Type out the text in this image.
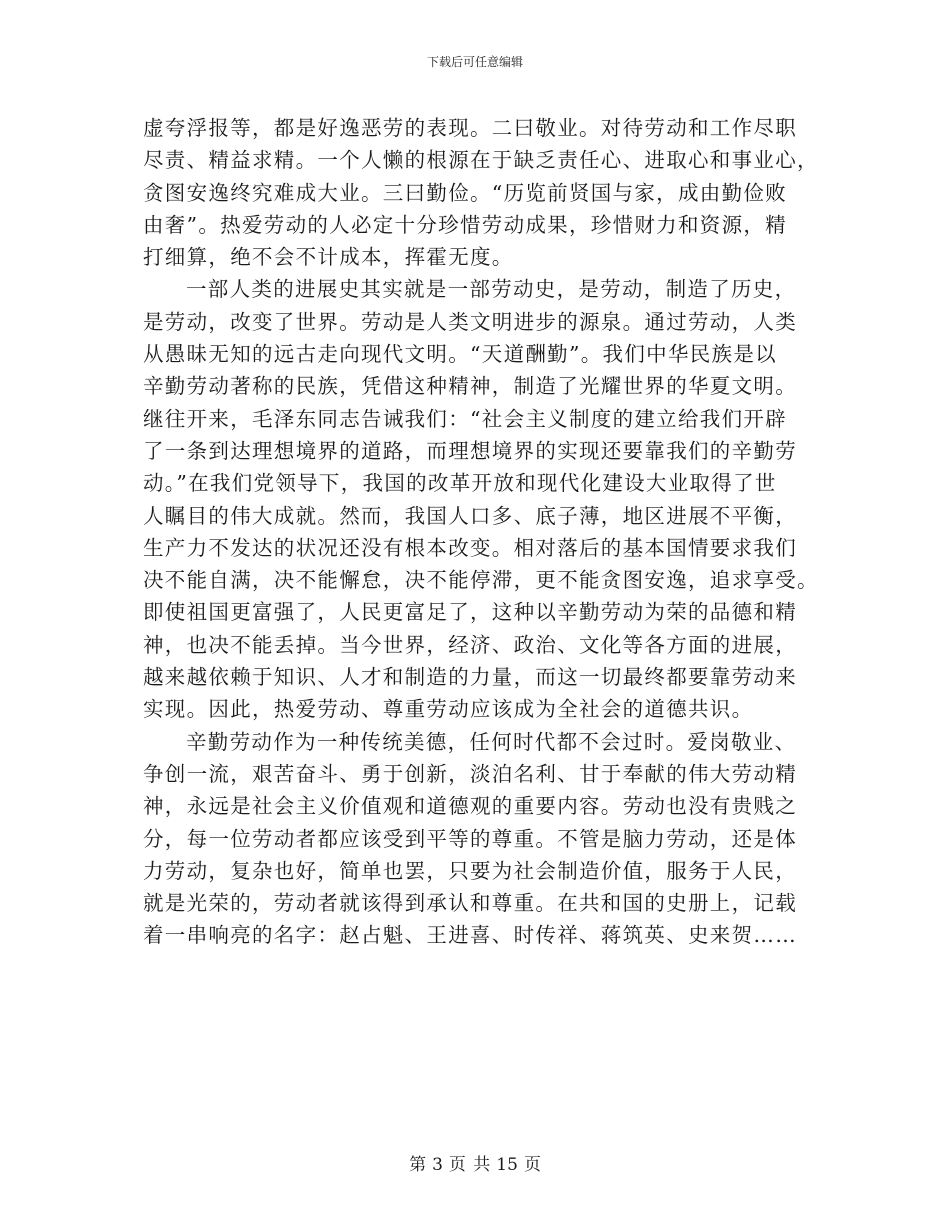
下载后可任意编辑

虚夸浮报等，都是好逸恶劳的表现。二曰敬业。对待劳动和工作尽职
尽责、精益求精。一个人懒的根源在于缺乏责任心、进取心和事业心，
贪图安逸终究难成大业。三曰勤俭。“历览前贤国与家，成由勤俭败
由奢”。热爱劳动的人必定十分珍惜劳动成果，珍惜财力和资源，精
打细算，绝不会不计成本，挥霍无度。

一部人类的进展史其实就是一部劳动史，是劳动，制造了历史，
是劳动，改变了世界。劳动是人类文明进步的源泉。通过劳动，人类
从愚昧无知的远古走向现代文明。“天道酬勤”。我们中华民族是以
辛勤劳动著称的民族，凭借这种精神，制造了光耀世界的华夏文明。
继往开来，毛泽东同志告诫我们：“社会主义制度的建立给我们开辟
了一条到达理想境界的道路，而理想境界的实现还要靠我们的辛勤劳
动。”在我们党领导下，我国的改革开放和现代化建设大业取得了世
人瞩目的伟大成就。然而，我国人口多、底子薄，地区进展不平衡，
生产力不发达的状况还没有根本改变。相对落后的基本国情要求我们
决不能自满，决不能懈怠，决不能停滞，更不能贪图安逸，追求享受。
即使祖国更富强了，人民更富足了，这种以辛勤劳动为荣的品德和精
神，也决不能丢掉。当今世界，经济、政治、文化等各方面的进展，
越来越依赖于知识、人才和制造的力量，而这一切最终都要靠劳动来
实现。因此，热爱劳动、尊重劳动应该成为全社会的道德共识。

辛勤劳动作为一种传统美德，任何时代都不会过时。爱岗敬业、
争创一流，艰苦奋斗、勇于创新，淡泊名利、甘于奉献的伟大劳动精
神，永远是社会主义价值观和道德观的重要内容。劳动也没有贵贱之
分，每一位劳动者都应该受到平等的尊重。不管是脑力劳动，还是体
力劳动，复杂也好，简单也罢，只要为社会制造价值，服务于人民，
就是光荣的，劳动者就该得到承认和尊重。在共和国的史册上，记载
着一串响亮的名字：赵占魁、王进喜、时传祥、蒋筑英、史来贺……

第 3 页 共 15 页
